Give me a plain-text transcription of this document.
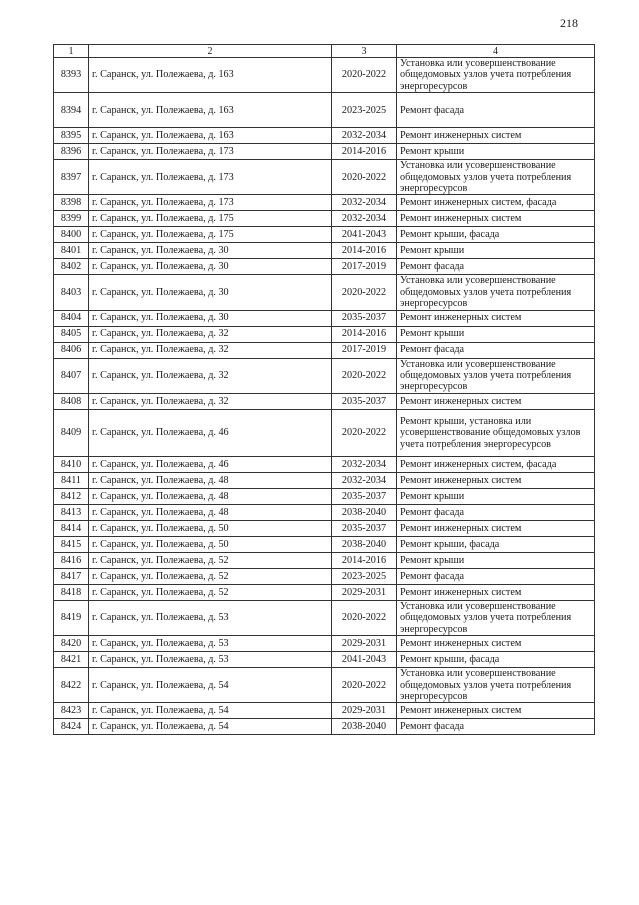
218
1	2	3	4
8393	г. Саранск, ул. Полежаева, д. 163	2020-2022	Установка или усовершенствование общедомовых узлов учета потребления энергоресурсов
8394	г. Саранск, ул. Полежаева, д. 163	2023-2025	Ремонт фасада
8395	г. Саранск, ул. Полежаева, д. 163	2032-2034	Ремонт инженерных систем
8396	г. Саранск, ул. Полежаева, д. 173	2014-2016	Ремонт крыши
8397	г. Саранск, ул. Полежаева, д. 173	2020-2022	Установка или усовершенствование общедомовых узлов учета потребления энергоресурсов
8398	г. Саранск, ул. Полежаева, д. 173	2032-2034	Ремонт инженерных систем, фасада
8399	г. Саранск, ул. Полежаева, д. 175	2032-2034	Ремонт инженерных систем
8400	г. Саранск, ул. Полежаева, д. 175	2041-2043	Ремонт крыши, фасада
8401	г. Саранск, ул. Полежаева, д. 30	2014-2016	Ремонт крыши
8402	г. Саранск, ул. Полежаева, д. 30	2017-2019	Ремонт фасада
8403	г. Саранск, ул. Полежаева, д. 30	2020-2022	Установка или усовершенствование общедомовых узлов учета потребления энергоресурсов
8404	г. Саранск, ул. Полежаева, д. 30	2035-2037	Ремонт инженерных систем
8405	г. Саранск, ул. Полежаева, д. 32	2014-2016	Ремонт крыши
8406	г. Саранск, ул. Полежаева, д. 32	2017-2019	Ремонт фасада
8407	г. Саранск, ул. Полежаева, д. 32	2020-2022	Установка или усовершенствование общедомовых узлов учета потребления энергоресурсов
8408	г. Саранск, ул. Полежаева, д. 32	2035-2037	Ремонт инженерных систем
8409	г. Саранск, ул. Полежаева, д. 46	2020-2022	Ремонт крыши, установка или усовершенствование общедомовых узлов учета потребления энергоресурсов
8410	г. Саранск, ул. Полежаева, д. 46	2032-2034	Ремонт инженерных систем, фасада
8411	г. Саранск, ул. Полежаева, д. 48	2032-2034	Ремонт инженерных систем
8412	г. Саранск, ул. Полежаева, д. 48	2035-2037	Ремонт крыши
8413	г. Саранск, ул. Полежаева, д. 48	2038-2040	Ремонт фасада
8414	г. Саранск, ул. Полежаева, д. 50	2035-2037	Ремонт инженерных систем
8415	г. Саранск, ул. Полежаева, д. 50	2038-2040	Ремонт крыши, фасада
8416	г. Саранск, ул. Полежаева, д. 52	2014-2016	Ремонт крыши
8417	г. Саранск, ул. Полежаева, д. 52	2023-2025	Ремонт фасада
8418	г. Саранск, ул. Полежаева, д. 52	2029-2031	Ремонт инженерных систем
8419	г. Саранск, ул. Полежаева, д. 53	2020-2022	Установка или усовершенствование общедомовых узлов учета потребления энергоресурсов
8420	г. Саранск, ул. Полежаева, д. 53	2029-2031	Ремонт инженерных систем
8421	г. Саранск, ул. Полежаева, д. 53	2041-2043	Ремонт крыши, фасада
8422	г. Саранск, ул. Полежаева, д. 54	2020-2022	Установка или усовершенствование общедомовых узлов учета потребления энергоресурсов
8423	г. Саранск, ул. Полежаева, д. 54	2029-2031	Ремонт инженерных систем
8424	г. Саранск, ул. Полежаева, д. 54	2038-2040	Ремонт фасада
